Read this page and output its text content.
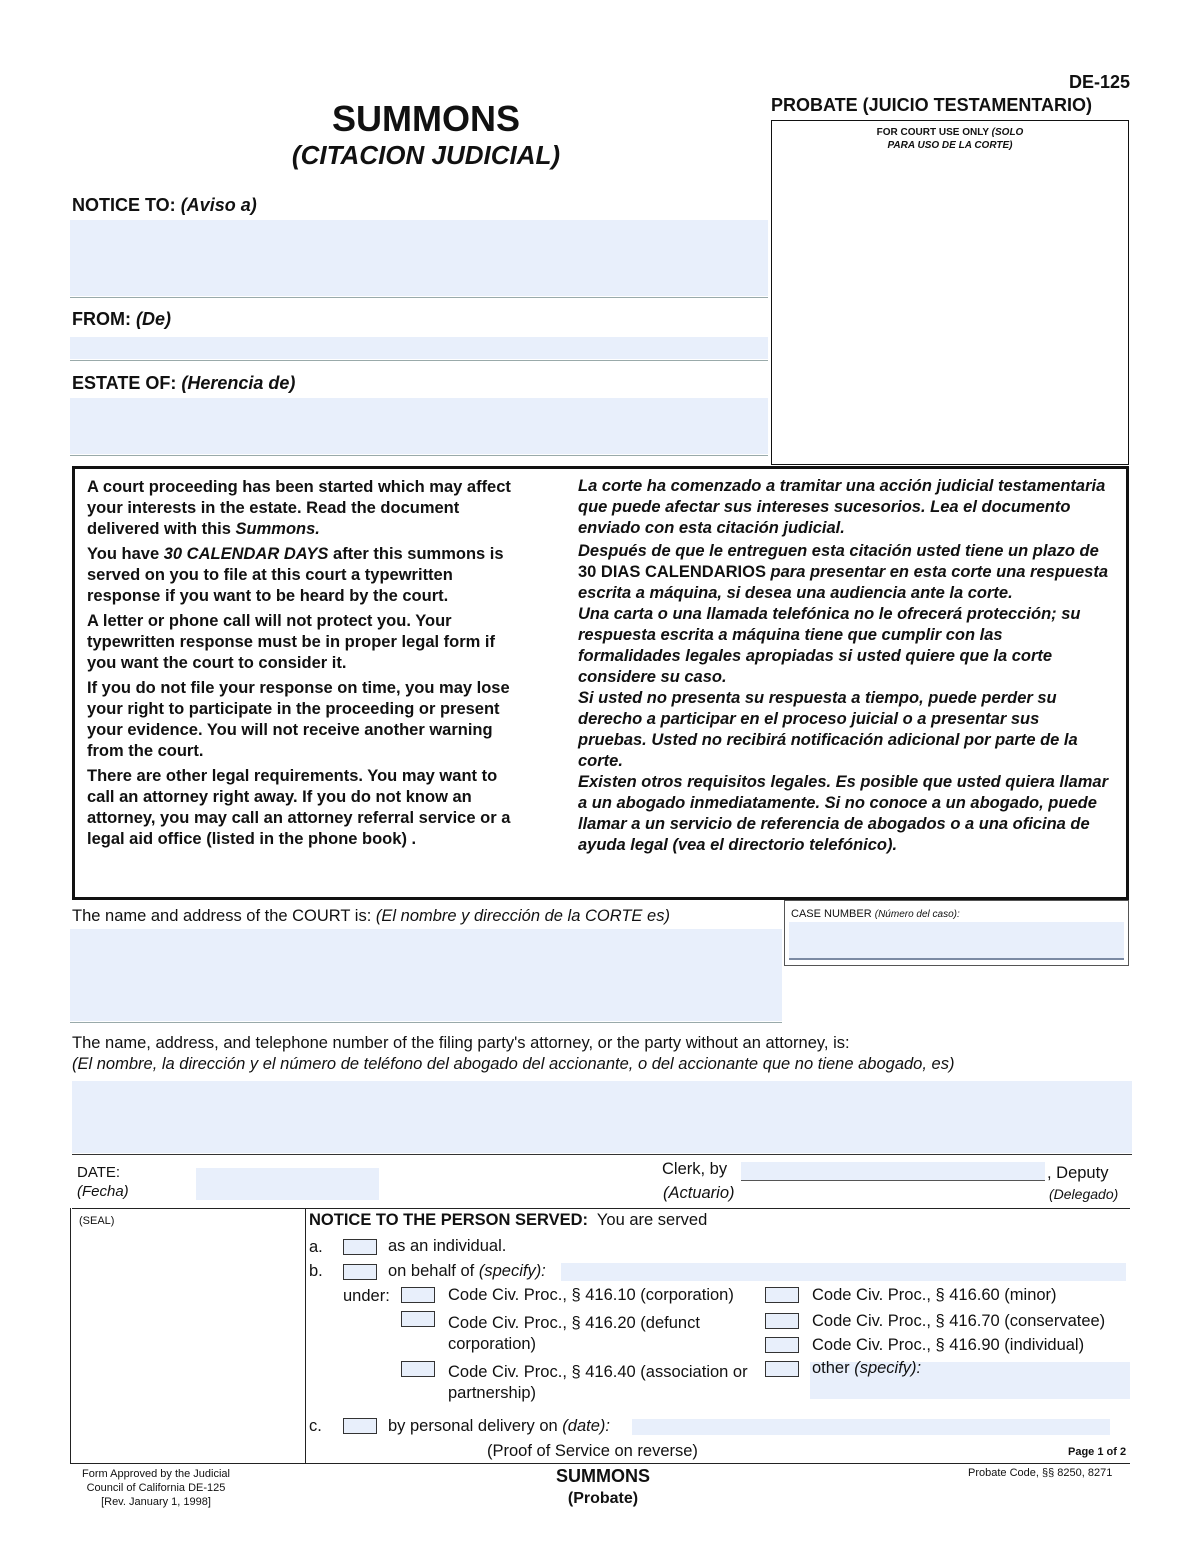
DE-125
PROBATE (JUICIO TESTAMENTARIO)
SUMMONS
(CITACION JUDICIAL)
FOR COURT USE ONLY (SOLO
PARA USO DE LA CORTE)
NOTICE TO: (Aviso a)
FROM: (De)
ESTATE OF: (Herencia de)

A court proceeding has been started which may affect your interests in the estate. Read the document delivered with this Summons.

You have 30 CALENDAR DAYS after this summons is served on you to file at this court a typewritten response if you want to be heard by the court.

A letter or phone call will not protect you. Your typewritten response must be in proper legal form if you want the court to consider it.

If you do not file your response on time, you may lose your right to participate in the proceeding or present your evidence. You will not receive another warning from the court.

There are other legal requirements. You may want to call an attorney right away. If you do not know an attorney, you may call an attorney referral service or a legal aid office (listed in the phone book) .

La corte ha comenzado a tramitar una acción judicial testamentaria que puede afectar sus intereses sucesorios. Lea el documento enviado con esta citación judicial.

Después de que le entreguen esta citación usted tiene un plazo de 30 DIAS CALENDARIOS para presentar en esta corte una respuesta escrita a máquina, si desea una audiencia ante la corte.

Una carta o una llamada telefónica no le ofrecerá protección; su respuesta escrita a máquina tiene que cumplir con las formalidades legales apropiadas si usted quiere que la corte considere su caso.

Si usted no presenta su respuesta a tiempo, puede perder su derecho a participar en el proceso juicial o a presentar sus pruebas. Usted no recibirá notificación adicional por parte de la corte.

Existen otros requisitos legales. Es posible que usted quiera llamar a un abogado inmediatamente. Si no conoce a un abogado, puede llamar a un servicio de referencia de abogados o a una oficina de ayuda legal (vea el directorio telefónico).

The name and address of the COURT is: (El nombre y dirección de la CORTE es)	CASE NUMBER (Número del caso):
The name, address, and telephone number of the filing party's attorney, or the party without an attorney, is:
(El nombre, la dirección y el número de teléfono del abogado del accionante, o del accionante que no tiene abogado, es)
DATE:
(Fecha)
Clerk, by
(Actuario)
, Deputy
(Delegado)
(SEAL)	NOTICE TO THE PERSON SERVED: You are served
a.	as an individual.
b.	on behalf of (specify):
under:	Code Civ. Proc., § 416.10 (corporation)
Code Civ. Proc., § 416.20 (defunct corporation)
Code Civ. Proc., § 416.40 (association or partnership)
Code Civ. Proc., § 416.60 (minor)
Code Civ. Proc., § 416.70 (conservatee)
Code Civ. Proc., § 416.90 (individual)
other (specify):
c.	by personal delivery on (date):
(Proof of Service on reverse)	Page 1 of 2
Form Approved by the Judicial
Council of California DE-125
[Rev. January 1, 1998]
SUMMONS
(Probate)
Probate Code, §§ 8250, 8271
